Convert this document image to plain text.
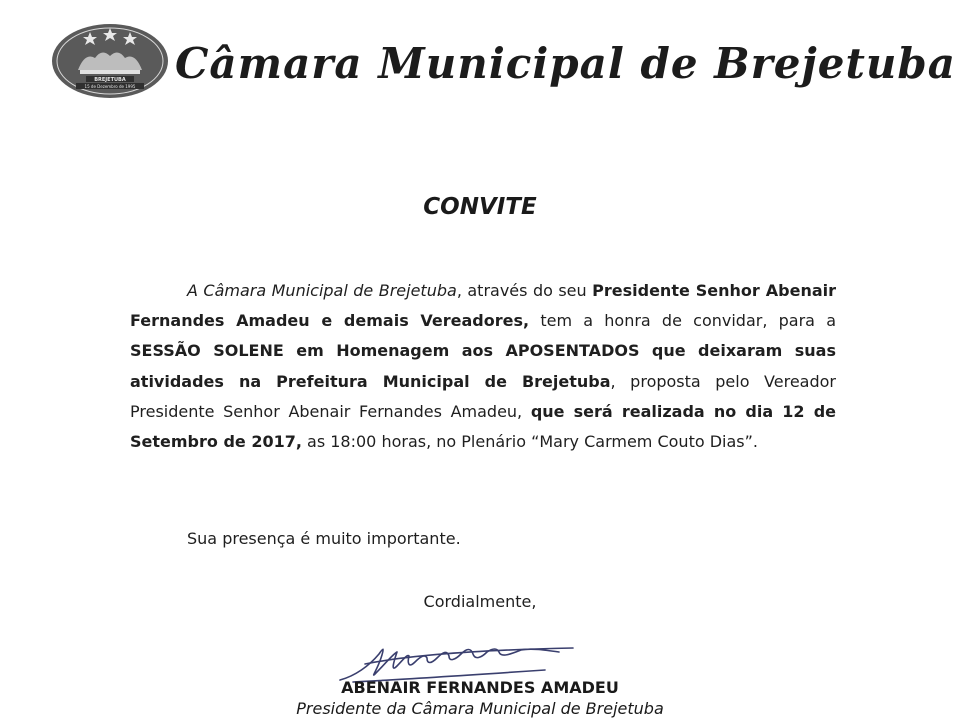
BREJETUBA
15 de Dezembro de 1995 Câmara Municipal de Brejetuba
CONVITE

A Câmara Municipal de Brejetuba, através do seu Presidente Senhor Abenair Fernandes Amadeu e demais Vereadores, tem a honra de convidar, para a SESSÃO SOLENE em Homenagem aos APOSENTADOS que deixaram suas atividades na Prefeitura Municipal de Brejetuba, proposta pelo Vereador Presidente Senhor Abenair Fernandes Amadeu, que será realizada no dia 12 de Setembro de 2017, as 18:00 horas, no Plenário “Mary Carmem Couto Dias”.

Sua presença é muito importante.
Cordialmente,
ABENAIR FERNANDES AMADEU
Presidente da Câmara Municipal de Brejetuba
